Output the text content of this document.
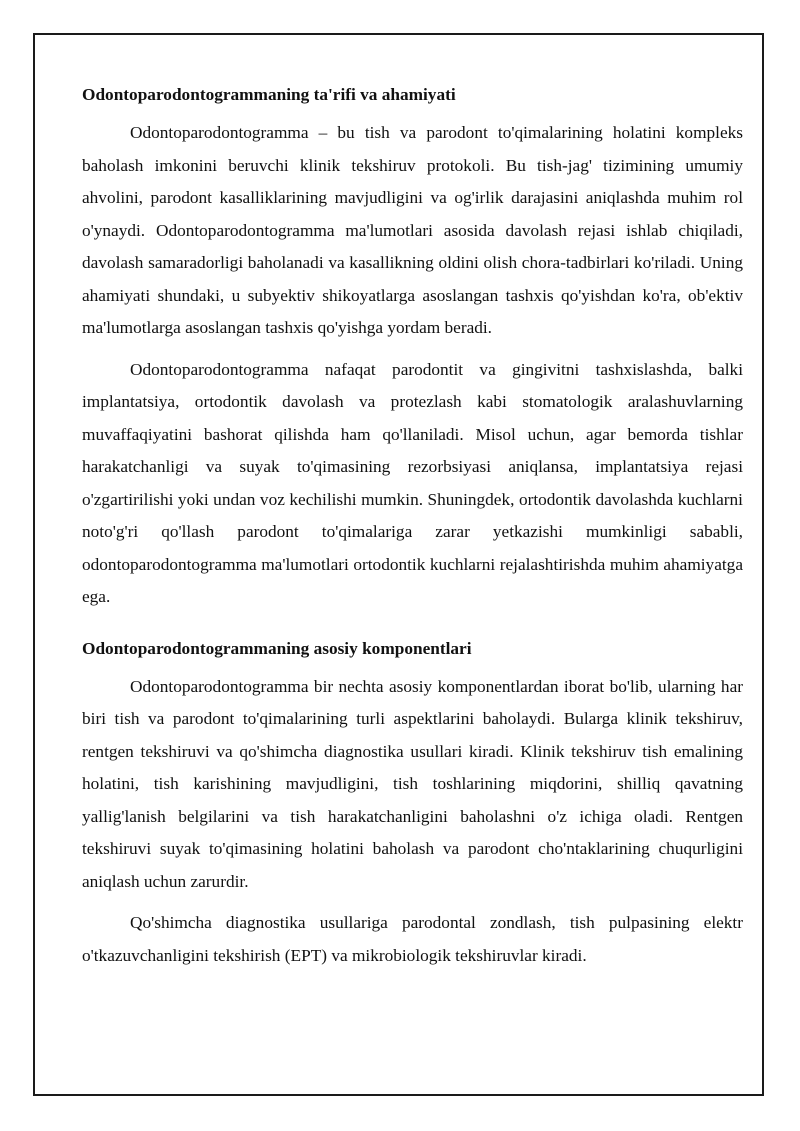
Odontoparodontogrammaning ta'rifi va ahamiyati

Odontoparodontogramma – bu tish va parodont to'qimalarining holatini kompleks baholash imkonini beruvchi klinik tekshiruv protokoli. Bu tish-jag' tizimining umumiy ahvolini, parodont kasalliklarining mavjudligini va og'irlik darajasini aniqlashda muhim rol o'ynaydi. Odontoparodontogramma ma'lumotlari asosida davolash rejasi ishlab chiqiladi, davolash samaradorligi baholanadi va kasallikning oldini olish chora-tadbirlari ko'riladi. Uning ahamiyati shundaki, u subyektiv shikoyatlarga asoslangan tashxis qo'yishdan ko'ra, ob'ektiv ma'lumotlarga asoslangan tashxis qo'yishga yordam beradi.

Odontoparodontogramma nafaqat parodontit va gingivitni tashxislashda, balki implantatsiya, ortodontik davolash va protezlash kabi stomatologik aralashuvlarning muvaffaqiyatini bashorat qilishda ham qo'llaniladi. Misol uchun, agar bemorda tishlar harakatchanligi va suyak to'qimasining rezorbsiyasi aniqlansa, implantatsiya rejasi o'zgartirilishi yoki undan voz kechilishi mumkin. Shuningdek, ortodontik davolashda kuchlarni noto'g'ri qo'llash parodont to'qimalariga zarar yetkazishi mumkinligi sababli, odontoparodontogramma ma'lumotlari ortodontik kuchlarni rejalashtirishda muhim ahamiyatga ega.

Odontoparodontogrammaning asosiy komponentlari

Odontoparodontogramma bir nechta asosiy komponentlardan iborat bo'lib, ularning har biri tish va parodont to'qimalarining turli aspektlarini baholaydi. Bularga klinik tekshiruv, rentgen tekshiruvi va qo'shimcha diagnostika usullari kiradi. Klinik tekshiruv tish emalining holatini, tish karishining mavjudligini, tish toshlarining miqdorini, shilliq qavatning yallig'lanish belgilarini va tish harakatchanligini baholashni o'z ichiga oladi. Rentgen tekshiruvi suyak to'qimasining holatini baholash va parodont cho'ntaklarining chuqurligini aniqlash uchun zarurdir.

Qo'shimcha diagnostika usullariga parodontal zondlash, tish pulpasining elektr o'tkazuvchanligini tekshirish (EPT) va mikrobiologik tekshiruvlar kiradi.
